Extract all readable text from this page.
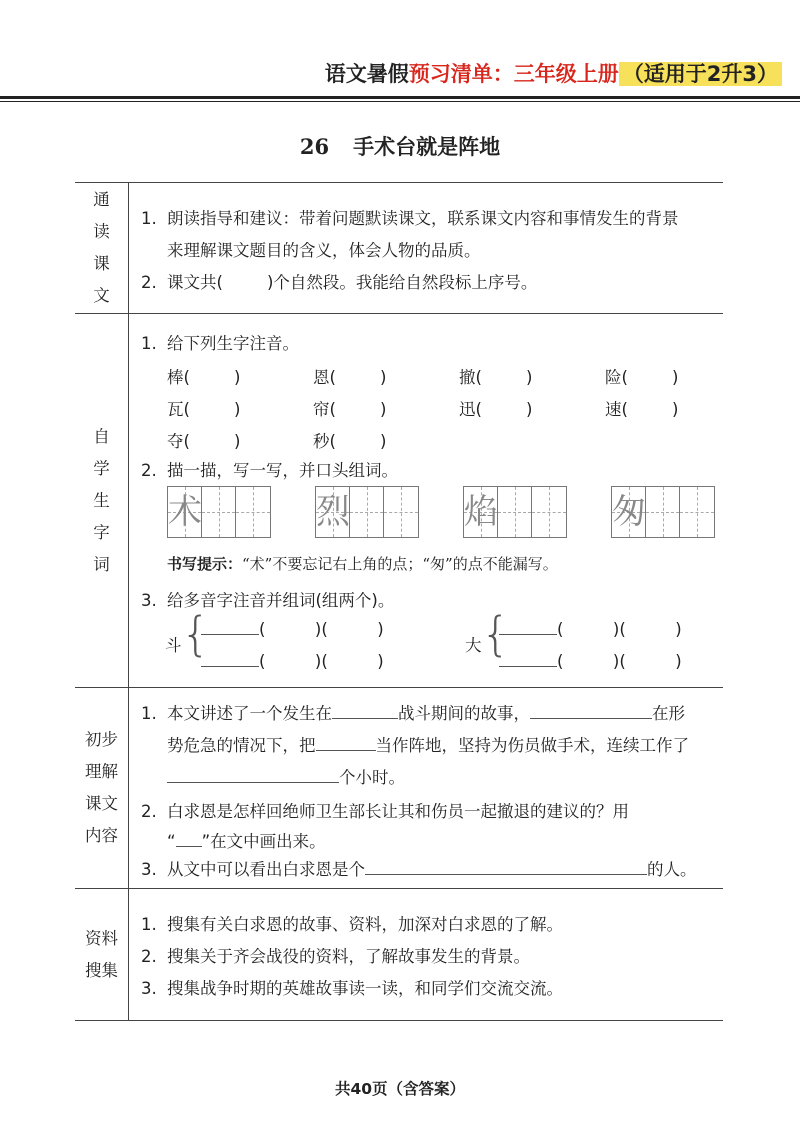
语文暑假预习清单：三年级上册 （适用于2升3）
26 手术台就是阵地
通
读
课
文
1. 朗读指导和建议：带着问题默读课文，联系课文内容和事情发生的背景
来理解课文题目的含义，体会人物的品质。
2. 课文共(	)个自然段。我能给自然段标上序号。
自
学
生
字
词
1. 给下列生字注音。
棒(	)	恩(	)	撤(	)	险(	)
瓦(	)	帘(	)	迅(	)	速(	)
夺(	)	秒(	)
2. 描一描，写一写，并口头组词。
术	烈	焰	匆
书写提示：“术”不要忘记右上角的点；“匆”的点不能漏写。
3. 给多音字注音并组词(组两个)。
斗 {	(　　　)(　　　)
(　　　)(　　　)
大 {	(　　　)(　　　)
(　　　)(　　　)
初步
理解
课文
内容
1. 本文讲述了一个发生在	战斗期间的故事，	在形
势危急的情况下，把	当作阵地，坚持为伤员做手术，连续工作了
个小时。
2. 白求恩是怎样回绝师卫生部长让其和伤员一起撤退的建议的？用
“ ”在文中画出来。
3. 从文中可以看出白求恩是个	的人。
资料
搜集
1. 搜集有关白求恩的故事、资料，加深对白求恩的了解。
2. 搜集关于齐会战役的资料，了解故事发生的背景。
3. 搜集战争时期的英雄故事读一读，和同学们交流交流。
共40页（含答案）
